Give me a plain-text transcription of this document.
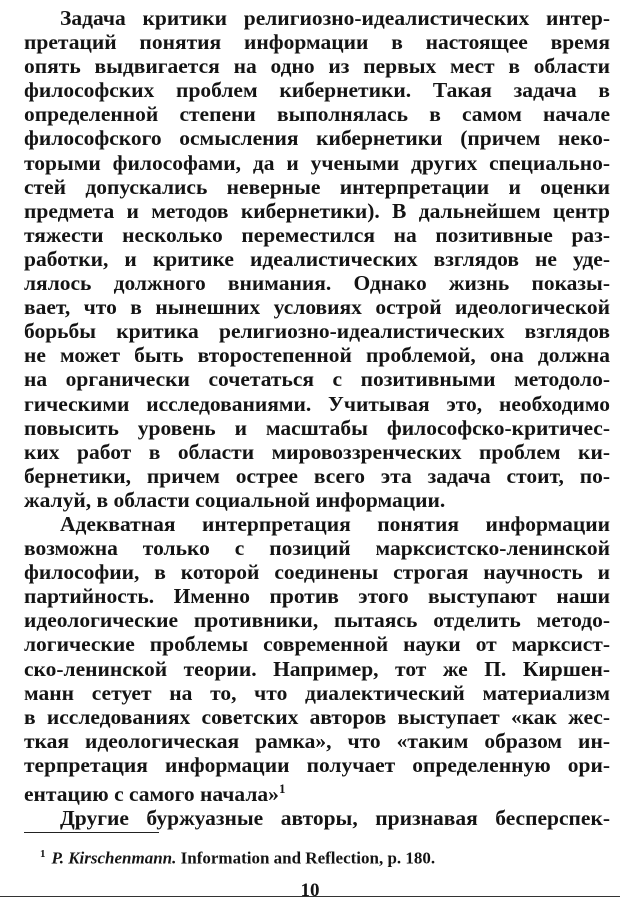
Задача критики религиозно-идеалистических интер-
претаций понятия информации в настоящее время
опять выдвигается на одно из первых мест в области
философских проблем кибернетики. Такая задача в
определенной степени выполнялась в самом начале
философского осмысления кибернетики (причем неко-
торыми философами, да и учеными других специально-
стей допускались неверные интерпретации и оценки
предмета и методов кибернетики). В дальнейшем центр
тяжести несколько переместился на позитивные раз-
работки, и критике идеалистических взглядов не уде-
лялось должного внимания. Однако жизнь показы-
вает, что в нынешних условиях острой идеологической
борьбы критика религиозно-идеалистических взглядов
не может быть второстепенной проблемой, она должна
на органически сочетаться с позитивными методоло-
гическими исследованиями. Учитывая это, необходимо
повысить уровень и масштабы философско-критичес-
ких работ в области мировоззренческих проблем ки-
бернетики, причем острее всего эта задача стоит, по-
жалуй, в области социальной информации.
Адекватная интерпретация понятия информации
возможна только с позиций марксистско-ленинской
философии, в которой соединены строгая научность и
партийность. Именно против этого выступают наши
идеологические противники, пытаясь отделить методо-
логические проблемы современной науки от марксист-
ско-ленинской теории. Например, тот же П. Киршен-
манн сетует на то, что диалектический материализм
в исследованиях советских авторов выступает «как жес-
ткая идеологическая рамка», что «таким образом ин-
терпретация информации получает определенную ори-
ентацию с самого начала»$^1$
Другие буржуазные авторы, признавая бесперспек-
$^1$ P. Kirschenmann. Information and Reflection, p. 180.
10
